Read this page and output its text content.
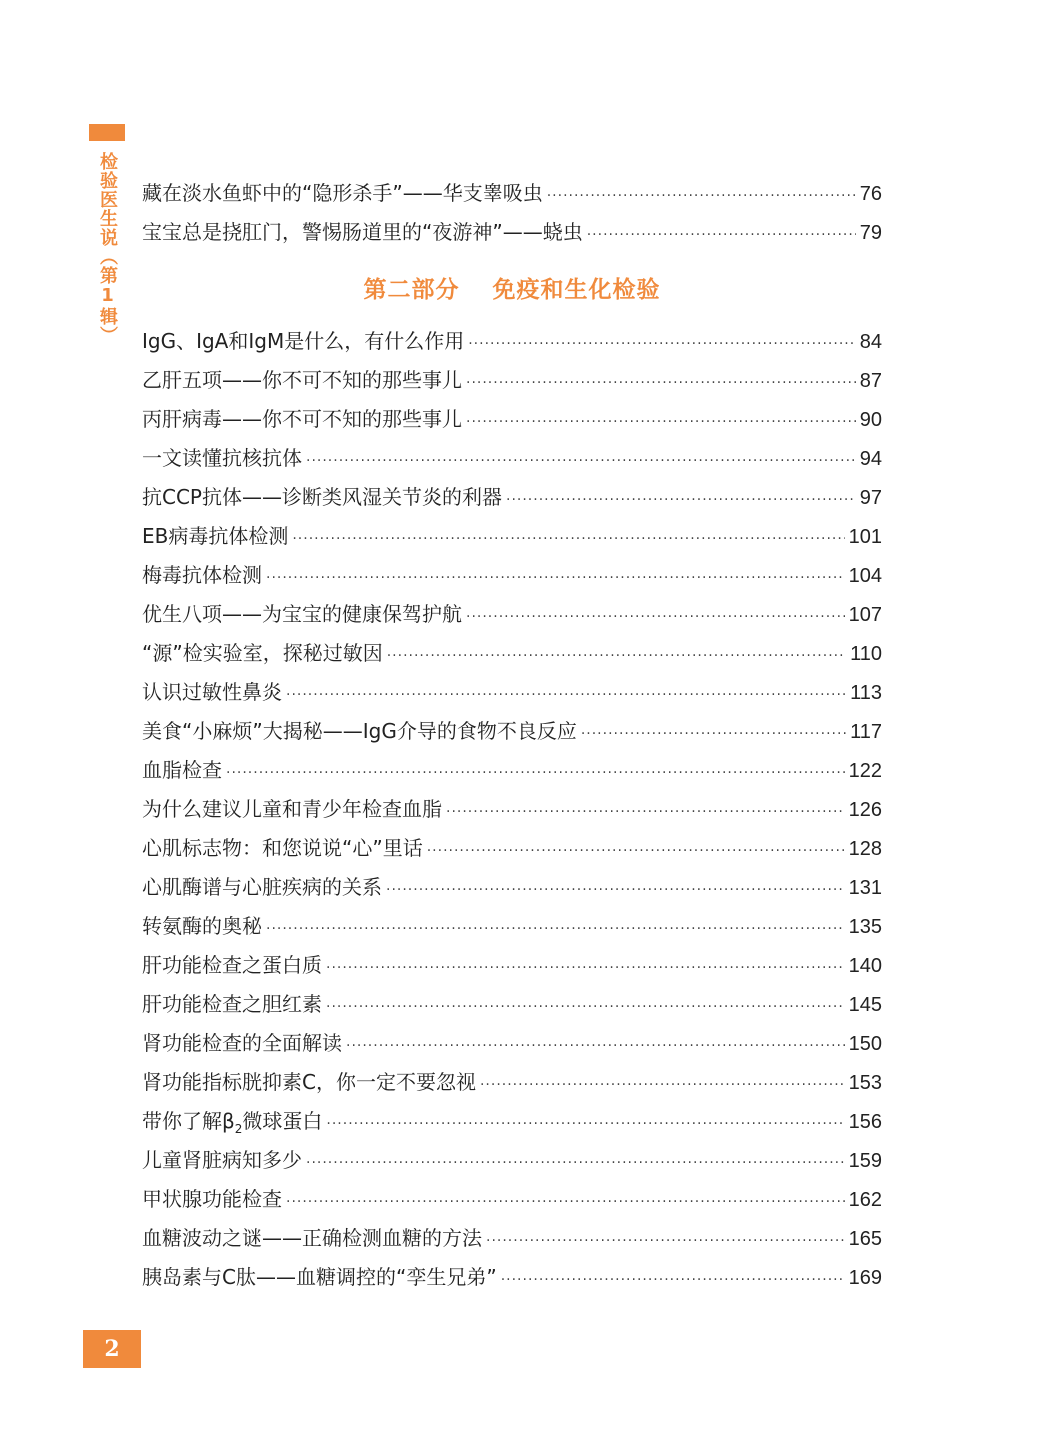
检验医生说（第1辑） 藏在淡水鱼虾中的“隐形杀手”——华支睾吸虫 ·····	76
宝宝总是挠肛门，警惕肠道里的“夜游神”——蛲虫 ·····	79
第二部分 免疫和生化检验
IgG、IgA和IgM是什么，有什么作用 ·····	84
乙肝五项——你不可不知的那些事儿 ·····	87
丙肝病毒——你不可不知的那些事儿 ·····	90
一文读懂抗核抗体 ·····	94
抗CCP抗体——诊断类风湿关节炎的利器 ·····	97
EB病毒抗体检测 ·····	101
梅毒抗体检测 ·····	104
优生八项——为宝宝的健康保驾护航 ·····	107
“源”检实验室，探秘过敏因 ·····	110
认识过敏性鼻炎 ·····	113
美食“小麻烦”大揭秘——IgG介导的食物不良反应 ·····	117
血脂检查 ·····	122
为什么建议儿童和青少年检查血脂 ·····	126
心肌标志物：和您说说“心”里话 ·····	128
心肌酶谱与心脏疾病的关系 ·····	131
转氨酶的奥秘 ·····	135
肝功能检查之蛋白质 ·····	140
肝功能检查之胆红素 ·····	145
肾功能检查的全面解读 ·····	150
肾功能指标胱抑素C，你一定不要忽视 ·····	153
带你了解$\beta_2$微球蛋白 ·····	156
儿童肾脏病知多少 ·····	159
甲状腺功能检查 ·····	162
血糖波动之谜——正确检测血糖的方法 ·····	165
胰岛素与C肽——血糖调控的“孪生兄弟” ·····	169
2
